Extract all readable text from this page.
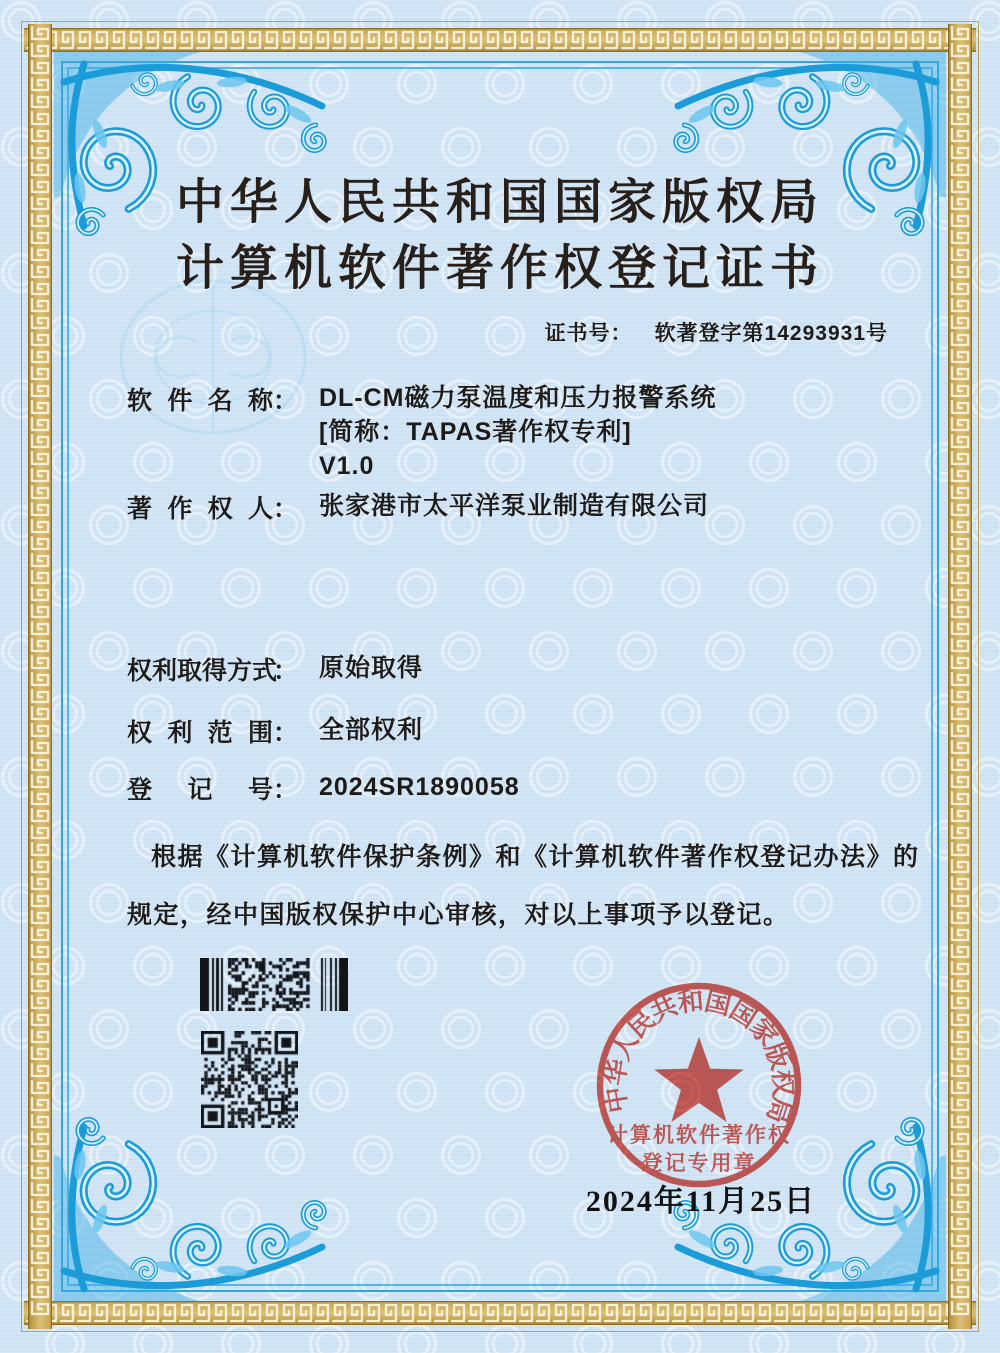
中华人民共和国国家版权局
计算机软件著作权登记证书
证书号： 软著登字第14293931号
软件名称： DL-CM磁力泵温度和压力报警系统
[简称：TAPAS著作权专利]
V1.0
著作权人： 张家港市太平洋泵业制造有限公司
权利取得方式： 原始取得
权利范围： 全部权利
登记号： 2024SR1890058
根据《计算机软件保护条例》和《计算机软件著作权登记办法》的
规定，经中国版权保护中心审核，对以上事项予以登记。
中华人民共和国国家版权局
计算机软件著作权
登记专用章
2024年11月25日
